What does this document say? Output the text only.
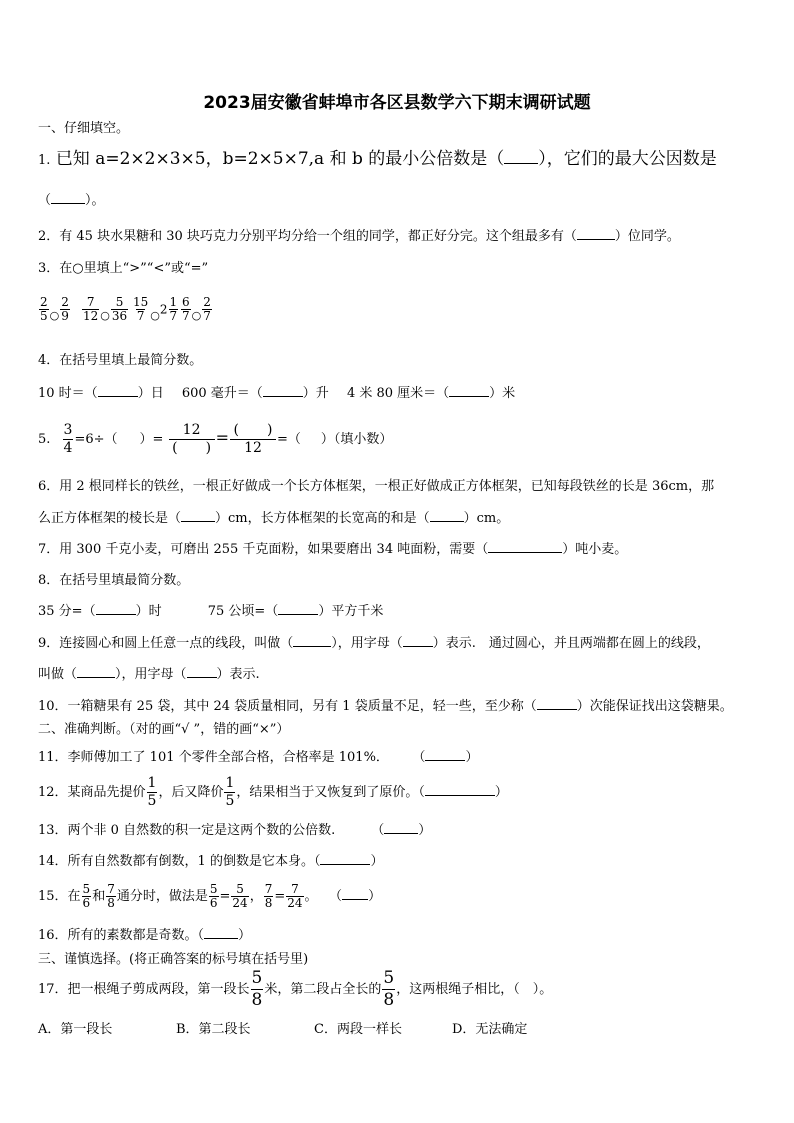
2023届安徽省蚌埠市各区县数学六下期末调研试题
一、仔细填空。
1. 已知 a=2×2×3×5，b=2×5×7,a 和 b 的最小公倍数是（ ），它们的最大公因数是
（	）。
2．有 45 块水果糖和 30 块巧克力分别平均分给一个组的同学，都正好分完。这个组最多有（	）位同学。
3．在○里填上“>”“<”或“=”
$\frac{2}{5} _○ \frac{2}{9} \frac{7}{12} _○ \frac{5}{36} \frac{15}{7} _○2 \frac{1}{7} \frac{6}{7} _○ \frac{2}{7}$
4．在括号里填上最简分数。
10 时＝（	）日 600 毫升＝（	）升 4 米 80 厘米＝（	）米
5. $\frac{3}{4} =6\div$（ ）=
12
(　　)
= (　　)
12
=（ ）（填小数）
6．用 2 根同样长的铁丝，一根正好做成一个长方体框架，一根正好做成正方体框架，已知每段铁丝的长是 36cm，那
么正方体框架的棱长是（	）cm，长方体框架的长宽高的和是（	）cm。
7．用 300 千克小麦，可磨出 255 千克面粉，如果要磨出 34 吨面粉，需要（	）吨小麦。
8．在括号里填最简分数。
35 分=（	）时	75 公顷=（	）平方千米
9．连接圆心和圆上任意一点的线段，叫做（	），用字母（ ）表示.　通过圆心，并且两端都在圆上的线段，
叫做（	），用字母（ ）表示.
10．一箱糖果有 25 袋，其中 24 袋质量相同，另有 1 袋质量不足，轻一些，至少称（	）次能保证找出这袋糖果。
二、准确判断。（对的画“√ ”，错的画“×”）
11．李师傅加工了 101 个零件全部合格，合格率是 101%． （	）
12．某商品先提价 $\frac{1}{5}$ ，后又降价 $\frac{1}{5}$ ，结果相当于又恢复到了原价。（	）
13．两个非 0 自然数的积一定是这两个数的公倍数.	（	）
14．所有自然数都有倒数，1 的倒数是它本身。（	）
15．在 $\frac{5}{6}$ 和 $\frac{7}{8}$ 通分时，做法是 $\frac{5}{6} = \frac{5}{24}$ ， $\frac{7}{8} = \frac{7}{24}$ 。 （ ）
16．所有的素数都是奇数。（	）
三、谨慎选择。(将正确答案的标号填在括号里)
17．把一根绳子剪成两段，第一段长 $\frac{5}{8}$ 米，第二段占全长的 $\frac{5}{8}$ ，这两根绳子相比，（　）。
A．第一段长	B．第二段长	C．两段一样长	D．无法确定
